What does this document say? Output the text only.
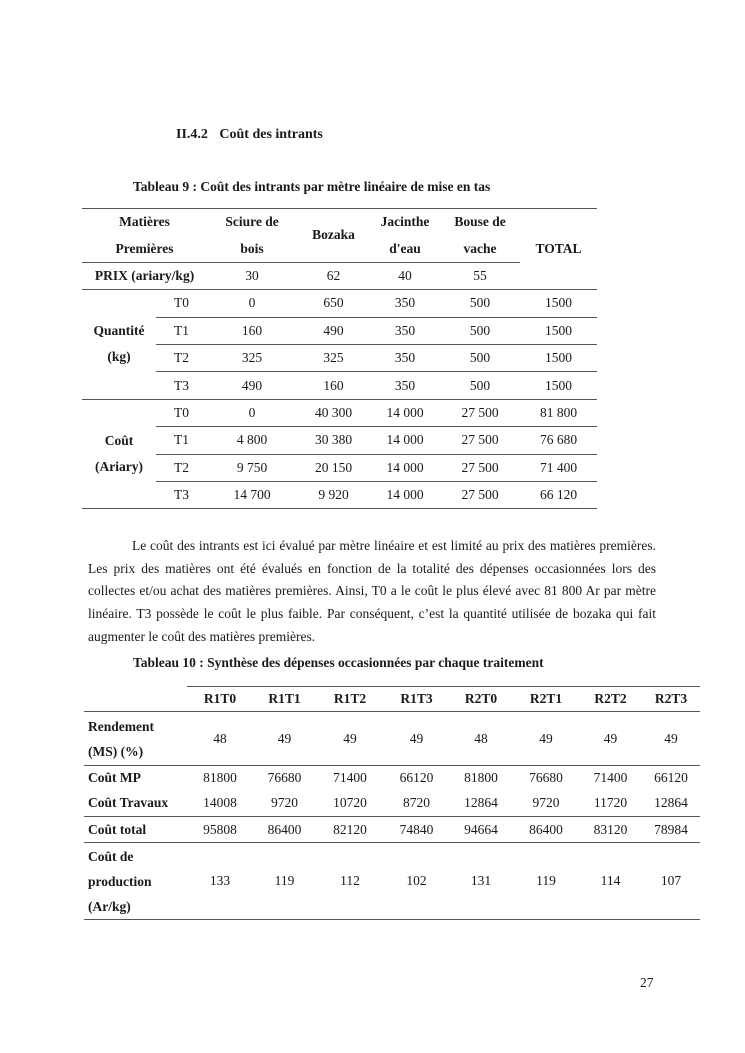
II.4.2 Coût des intrants
Tableau 9 : Coût des intrants par mètre linéaire de mise en tas
Matières		Sciure de	Bozaka	Jacinthe	Bouse de	TOTAL
Premières		bois		d'eau	vache	
PRIX (ariary/kg)		30	62	40	55	

Quantité
(kg)	T0	0	650	350	500	1500
	T1	160	490	350	500	1500
	T2	325	325	350	500	1500
	T3	490	160	350	500	1500

Coût
(Ariary)	T0	0	40 300	14 000	27 500	81 800
	T1	4 800	30 380	14 000	27 500	76 680
	T2	9 750	20 150	14 000	27 500	71 400
	T3	14 700	9 920	14 000	27 500	66 120

Le coût des intrants est ici évalué par mètre linéaire et est limité au prix des matières premières. Les prix des matières ont été évalués en fonction de la totalité des dépenses occasionnées lors des collectes et/ou achat des matières premières. Ainsi, T0 a le coût le plus élevé avec 81 800 Ar par mètre linéaire. T3 possède le coût le plus faible. Par conséquent, c’est la quantité utilisée de bozaka qui fait augmenter le coût des matières premières.

Tableau 10 : Synthèse des dépenses occasionnées par chaque traitement
	R1T0	R1T1	R1T2	R1T3	R2T0	R2T1	R2T2	R2T3

Rendement
(MS) (%)	48	49	49	49	48	49	49	49
Coût MP	81800	76680	71400	66120	81800	76680	71400	66120
Coût Travaux	14008	9720	10720	8720	12864	9720	11720	12864
Coût total	95808	86400	82120	74840	94664	86400	83120	78984

Coût de
production
(Ar/kg)	133	119	112	102	131	119	114	107
27
